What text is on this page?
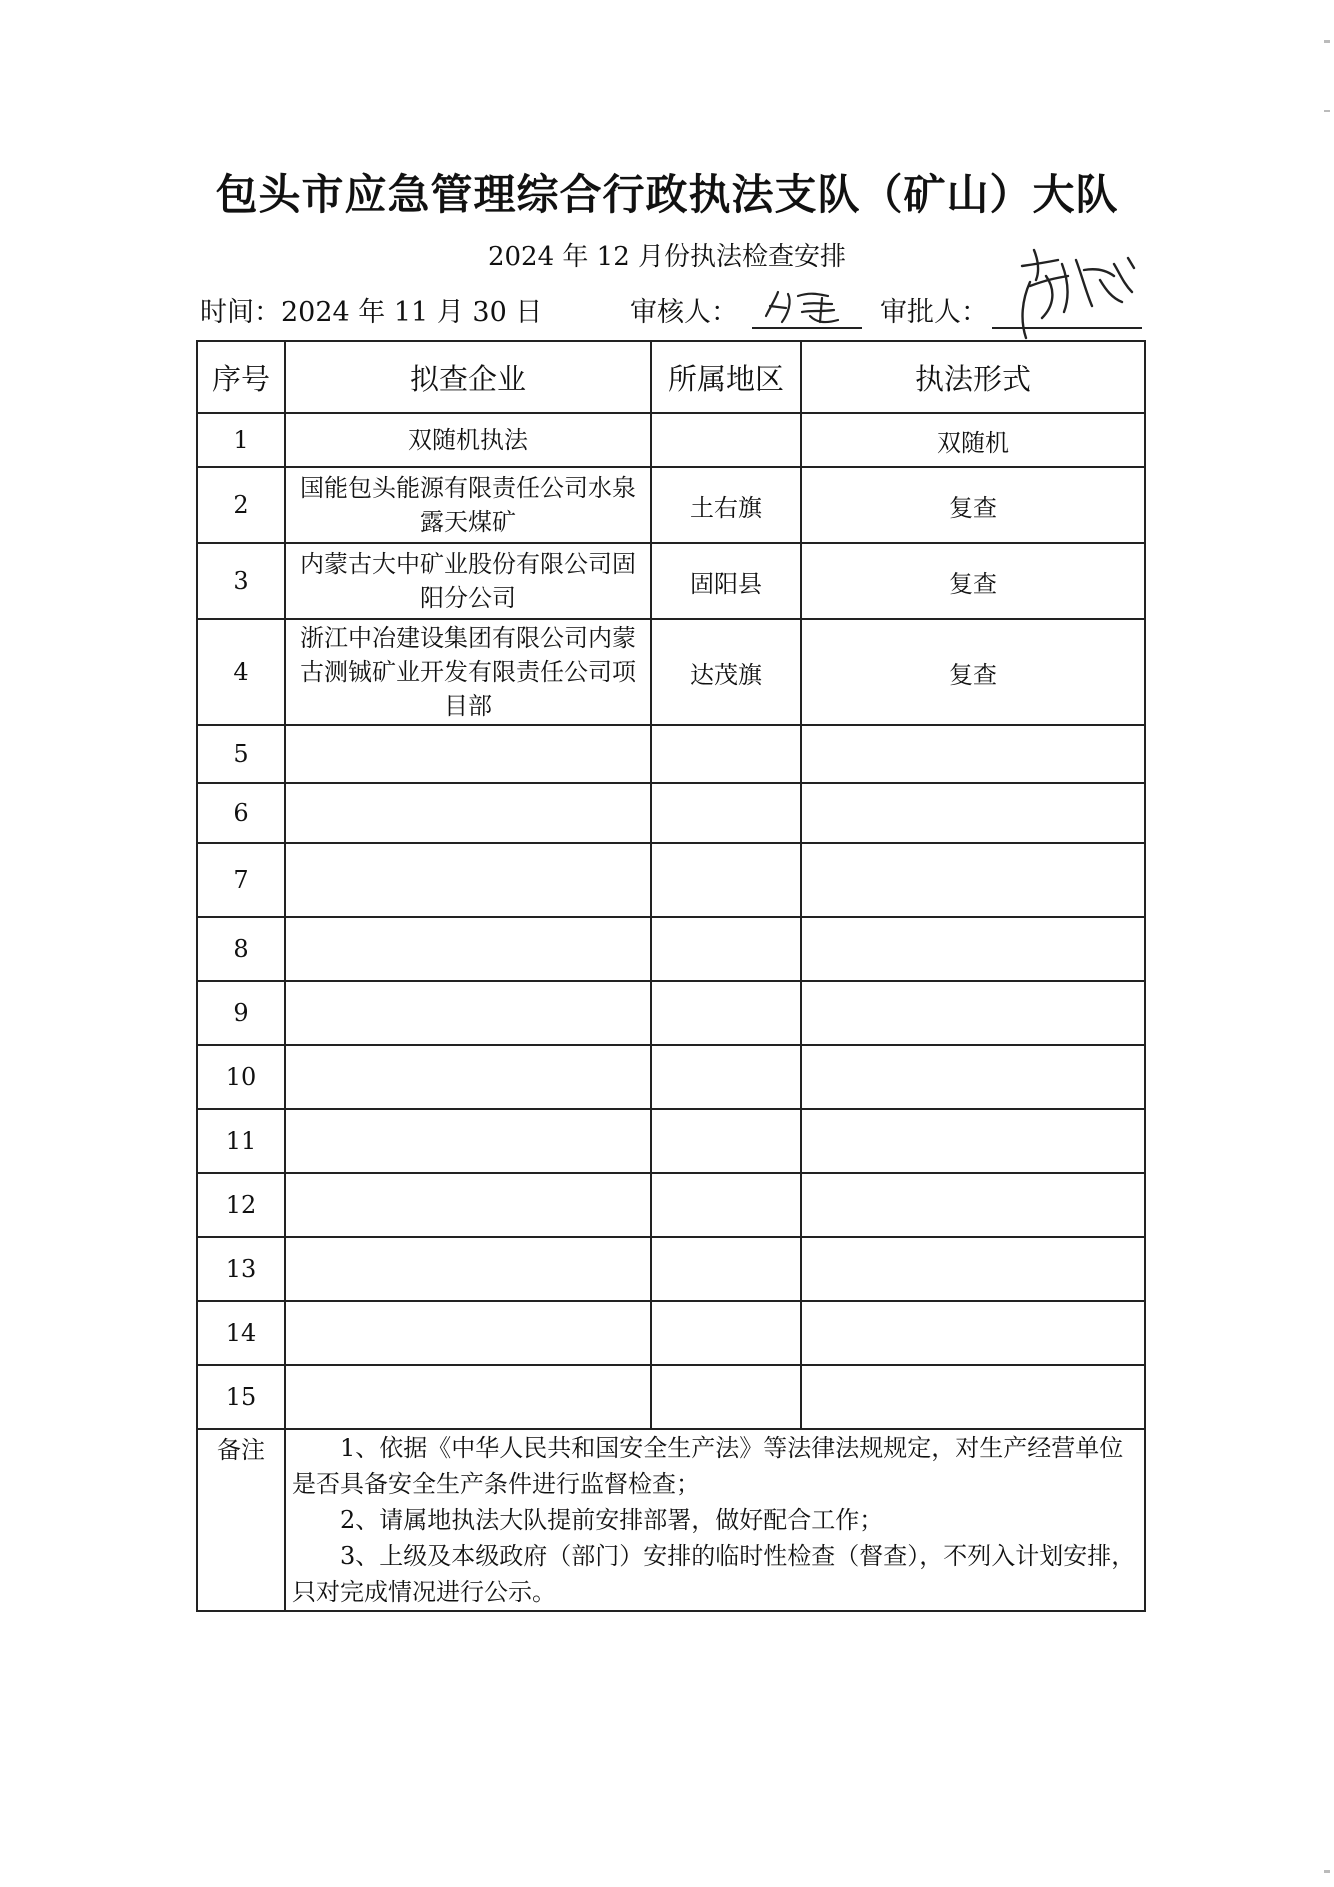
包头市应急管理综合行政执法支队（矿山）大队
2024 年 12 月份执法检查安排
时间：2024 年 11 月 30 日	审核人：	审批人：
序号	拟查企业	所属地区	执法形式
1	双随机执法		双随机
2	国能包头能源有限责任公司水泉露天煤矿	土右旗	复查
3	内蒙古大中矿业股份有限公司固阳分公司	固阳县	复查
4	浙江中冶建设集团有限公司内蒙古测铖矿业开发有限责任公司项目部	达茂旗	复查
5			
6			
7			
8			
9			
10			
11			
12			
13			
14			
15			
备注	1、依据《中华人民共和国安全生产法》等法律法规规定，对生产经营单位是否具备安全生产条件进行监督检查；

2、请属地执法大队提前安排部署，做好配合工作；

3、上级及本级政府（部门）安排的临时性检查（督查），不列入计划安排，只对完成情况进行公示。		
